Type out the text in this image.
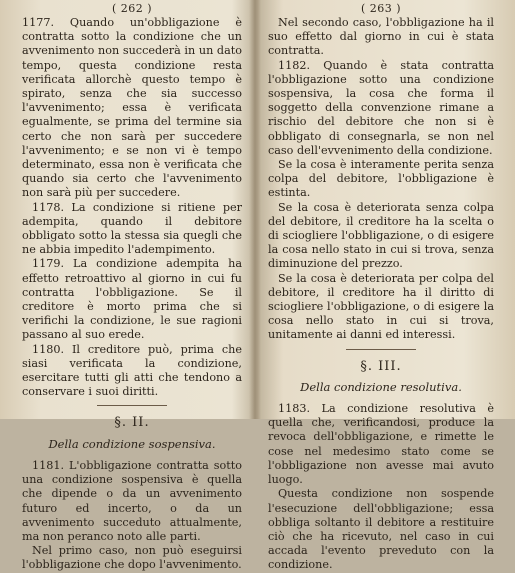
( 262 )

1177. Quando un'obbligazione è contratta sotto la condizione che un avvenimento non succederà in un dato tempo, questa condizione resta verificata allorchè questo tempo è spirato, senza che sia successo l'avvenimento; essa è verificata egualmente, se prima del termine sia certo che non sarà per succedere l'avvenimento; e se non vi è tempo determinato, essa non è verificata che quando sia certo che l'avvenimento non sarà più per succedere.

1178. La condizione si ritiene per adempita, quando il debitore obbligato sotto la stessa sia quegli che ne abbia impedito l'adempimento.

1179. La condizione adempita ha effetto retroattivo al giorno in cui fu contratta l'obbligazione. Se il creditore è morto prima che si verifichi la condizione, le sue ragioni passano al suo erede.

1180. Il creditore può, prima che siasi verificata la condizione, esercitare tutti gli atti che tendono a conservare i suoi diritti.

§. II.
Della condizione sospensiva.

1181. L'obbligazione contratta sotto una condizione sospensiva è quella che dipende o da un avvenimento futuro ed incerto, o da un avvenimento succeduto attualmente, ma non peranco noto alle parti.

Nel primo caso, non può eseguirsi l'obbligazione che dopo l'avvenimento.

( 263 )

Nel secondo caso, l'obbligazione ha il suo effetto dal giorno in cui è stata contratta.

1182. Quando è stata contratta l'obbligazione sotto una condizione sospensiva, la cosa che forma il soggetto della convenzione rimane a rischio del debitore che non si è obbligato di consegnarla, se non nel caso dell'evvenimento della condizione.

Se la cosa è interamente perita senza colpa del debitore, l'obbligazione è estinta.

Se la cosa è deteriorata senza colpa del debitore, il creditore ha la scelta o di sciogliere l'obbligazione, o di esigere la cosa nello stato in cui si trova, senza diminuzione del prezzo.

Se la cosa è deteriorata per colpa del debitore, il creditore ha il diritto di sciogliere l'obbligazione, o di esigere la cosa nello stato in cui si trova, unitamente ai danni ed interessi.

§. III.
Della condizione resolutiva.

1183. La condizione resolutiva è quella che, verificandosi, produce la revoca dell'obbligazione, e rimette le cose nel medesimo stato come se l'obbligazione non avesse mai avuto luogo.

Questa condizione non sospende l'esecuzione dell'obbligazione; essa obbliga soltanto il debitore a restituire ciò che ha ricevuto, nel caso in cui accada l'evento preveduto con la condizione.
